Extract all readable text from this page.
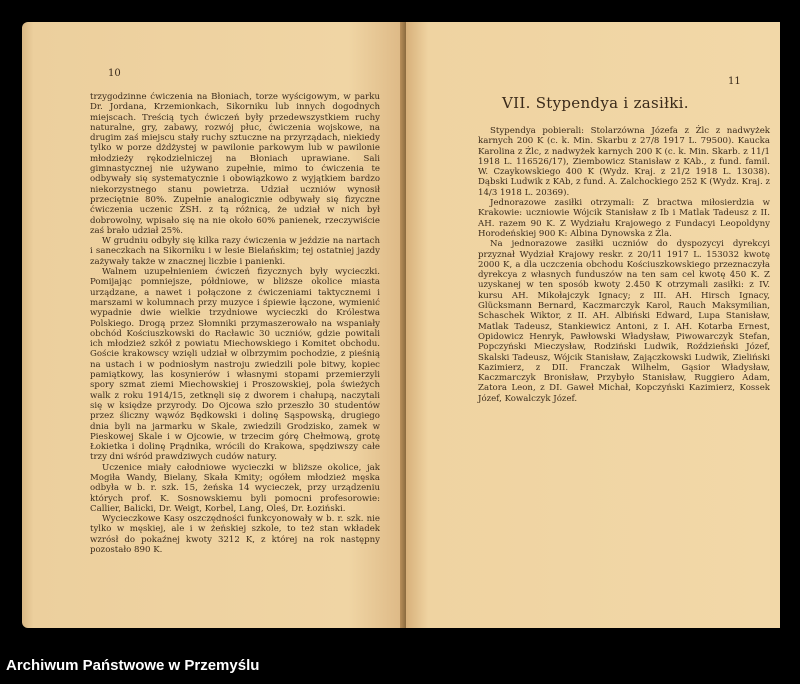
10

trzygodzinne ćwiczenia na Błoniach, torze wyścigowym, w parku Dr. Jordana, Krzemionkach, Sikorniku lub innych dogodnych miejscach. Treścią tych ćwiczeń były przedewszystkiem ruchy naturalne, gry, zabawy, rozwój płuc, ćwiczenia wojskowe, na drugim zaś miejscu stały ruchy sztuczne na przyrządach, niekiedy tylko w porze dżdżystej w pawilonie parkowym lub w pawilonie młodzieży rękodzielniczej na Błoniach uprawiane. Sali gimnastycznej nie używano zupełnie, mimo to ćwiczenia te odbywały się systematycznie i obowiązkowo z wyjątkiem bardzo niekorzystnego stanu powietrza. Udział uczniów wynosił przeciętnie 80%. Zupełnie analogicznie odbywały się fizyczne ćwiczenia uczenic ŻSH. z tą różnicą, że udział w nich był dobrowolny, wpisało się na nie około 60% panienek, rzeczywiście zaś brało udział 25%.

W grudniu odbyły się kilka razy ćwiczenia w jeździe na nartach i saneczkach na Sikorniku i w lesie Bielańskim; tej ostatniej jazdy zażywały także w znacznej liczbie i panienki.

Walnem uzupełnieniem ćwiczeń fizycznych były wycieczki. Pomijając pomniejsze, półdniowe, w bliższe okolice miasta urządzane, a nawet i połączone z ćwiczeniami taktycznemi i marszami w kolumnach przy muzyce i śpiewie łączone, wymienić wypadnie dwie wielkie trzydniowe wycieczki do Królestwa Polskiego. Drogą przez Słomniki przymaszerowało na wspaniały obchód Kościuszkowski do Racławic 30 uczniów, gdzie powitali ich młodzież szkół z powiatu Miechowskiego i Komitet obchodu. Goście krakowscy wzięli udział w olbrzymim pochodzie, z pieśnią na ustach i w podniosłym nastroju zwiedzili pole bitwy, kopiec pamiątkowy, las kosynierów i własnymi stopami przemierzyli spory szmat ziemi Miechowskiej i Proszowskiej, pola świeżych walk z roku 1914/15, zetknęli się z dworem i chałupą, naczytali się w księdze przyrody. Do Ojcowa szło przeszło 30 studentów przez śliczny wąwóz Będkowski i dolinę Sąspowską, drugiego dnia byli na jarmarku w Skale, zwiedzili Grodzisko, zamek w Pieskowej Skale i w Ojcowie, w trzecim górę Chełmową, grotę Łokietka i dolinę Prądnika, wrócili do Krakowa, spędziwszy całe trzy dni wśród prawdziwych cudów natury.

Uczenice miały całodniowe wycieczki w bliższe okolice, jak Mogiła Wandy, Bielany, Skała Kmity; ogółem młodzież męska odbyła w b. r. szk. 15, żeńska 14 wycieczek, przy urządzeniu których prof. K. Sosnowskiemu byli pomocni profesorowie: Callier, Balicki, Dr. Weigt, Korbel, Lang, Oleś, Dr. Łoziński.

Wycieczkowe Kasy oszczędności funkcyonowały w b. r. szk. nie tylko w męskiej, ale i w żeńskiej szkole, to też stan wkładek wzrósł do pokaźnej kwoty 3212 K, z której na rok następny pozostało 890 K.

11
VII. Stypendya i zasiłki.

Stypendya pobierali: Stolarzówna Józefa z Żlc z nadwyżek karnych 200 K (c. k. Min. Skarbu z 27/8 1917 L. 79500). Kaucka Karolina z Żlc, z nadwyżek karnych 200 K (c. k. Min. Skarb. z 11/1 1918 L. 116526/17), Ziembowicz Stanisław z KAb., z fund. famil. W. Czaykowskiego 400 K (Wydz. Kraj. z 21/2 1918 L. 13038). Dąbski Ludwik z KAb, z fund. A. Zalchockiego 252 K (Wydz. Kraj. z 14/3 1918 L. 20369).

Jednorazowe zasiłki otrzymali: Z bractwa miłosierdzia w Krakowie: uczniowie Wójcik Stanisław z Ib i Matlak Tadeusz z II. AH. razem 90 K. Z Wydziału Krajowego z Fundacyi Leopoldyny Horodeńskiej 900 K: Albina Dynowska z Żla.

Na jednorazowe zasiłki uczniów do dyspozycyi dyrekcyi przyznał Wydział Krajowy reskr. z 20/11 1917 L. 153032 kwotę 2000 K, a dla uczczenia obchodu Kościuszkowskiego przeznaczyła dyrekcya z własnych funduszów na ten sam cel kwotę 450 K. Z uzyskanej w ten sposób kwoty 2.450 K otrzymali zasiłki: z IV. kursu AH. Mikołajczyk Ignacy; z III. AH. Hirsch Ignacy, Glücksmann Bernard, Kaczmarczyk Karol, Rauch Maksymilian, Schaschek Wiktor, z II. AH. Albiński Edward, Lupa Stanisław, Matlak Tadeusz, Stankiewicz Antoni, z I. AH. Kotarba Ernest, Opidowicz Henryk, Pawłowski Władysław, Piwowarczyk Stefan, Popczyński Mieczysław, Rodziński Ludwik, Roździeński Józef, Skalski Tadeusz, Wójcik Stanisław, Zajączkowski Ludwik, Zieliński Kazimierz, z DII. Franczak Wilhelm, Gąsior Władysław, Kaczmarczyk Bronisław, Przybyło Stanisław, Ruggiero Adam, Zatora Leon, z DI. Gaweł Michał, Kopczyński Kazimierz, Kossek Józef, Kowalczyk Józef.

Archiwum Państwowe w Przemyślu
